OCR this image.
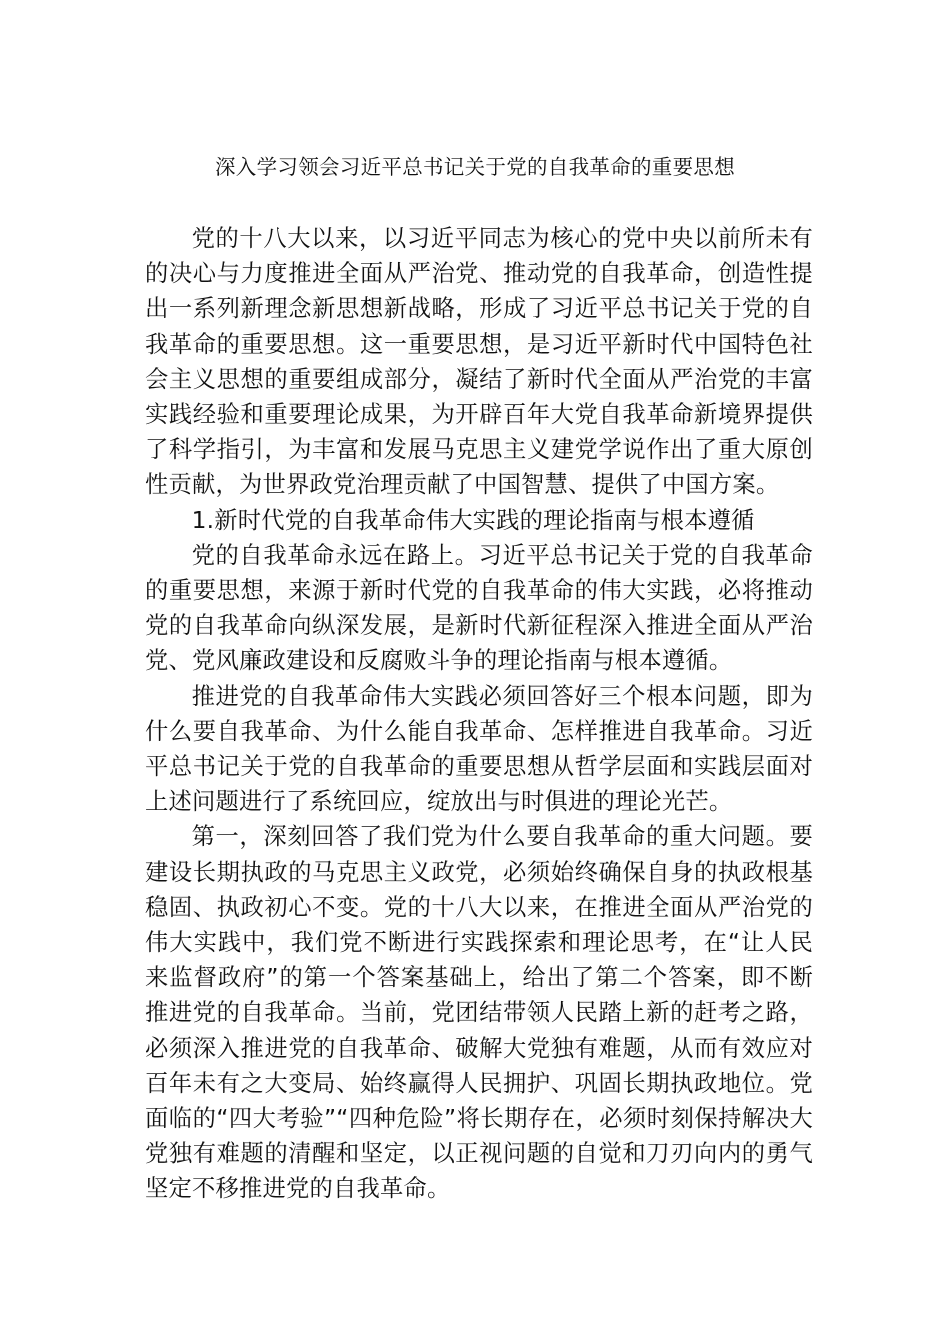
深入学习领会习近平总书记关于党的自我革命的重要思想

党的十八大以来，以习近平同志为核心的党中央以前所未有的决心与力度推进全面从严治党、推动党的自我革命，创造性提出一系列新理念新思想新战略，形成了习近平总书记关于党的自我革命的重要思想。这一重要思想，是习近平新时代中国特色社会主义思想的重要组成部分，凝结了新时代全面从严治党的丰富实践经验和重要理论成果，为开辟百年大党自我革命新境界提供了科学指引，为丰富和发展马克思主义建党学说作出了重大原创性贡献，为世界政党治理贡献了中国智慧、提供了中国方案。

1.新时代党的自我革命伟大实践的理论指南与根本遵循

党的自我革命永远在路上。习近平总书记关于党的自我革命的重要思想，来源于新时代党的自我革命的伟大实践，必将推动党的自我革命向纵深发展，是新时代新征程深入推进全面从严治党、党风廉政建设和反腐败斗争的理论指南与根本遵循。

推进党的自我革命伟大实践必须回答好三个根本问题，即为什么要自我革命、为什么能自我革命、怎样推进自我革命。习近平总书记关于党的自我革命的重要思想从哲学层面和实践层面对上述问题进行了系统回应，绽放出与时俱进的理论光芒。

第一，深刻回答了我们党为什么要自我革命的重大问题。要建设长期执政的马克思主义政党，必须始终确保自身的执政根基稳固、执政初心不变。党的十八大以来，在推进全面从严治党的伟大实践中，我们党不断进行实践探索和理论思考，在“让人民来监督政府”的第一个答案基础上，给出了第二个答案，即不断推进党的自我革命。当前，党团结带领人民踏上新的赶考之路，必须深入推进党的自我革命、破解大党独有难题，从而有效应对百年未有之大变局、始终赢得人民拥护、巩固长期执政地位。党面临的“四大考验”“四种危险”将长期存在，必须时刻保持解决大党独有难题的清醒和坚定，以正视问题的自觉和刀刃向内的勇气坚定不移推进党的自我革命。
